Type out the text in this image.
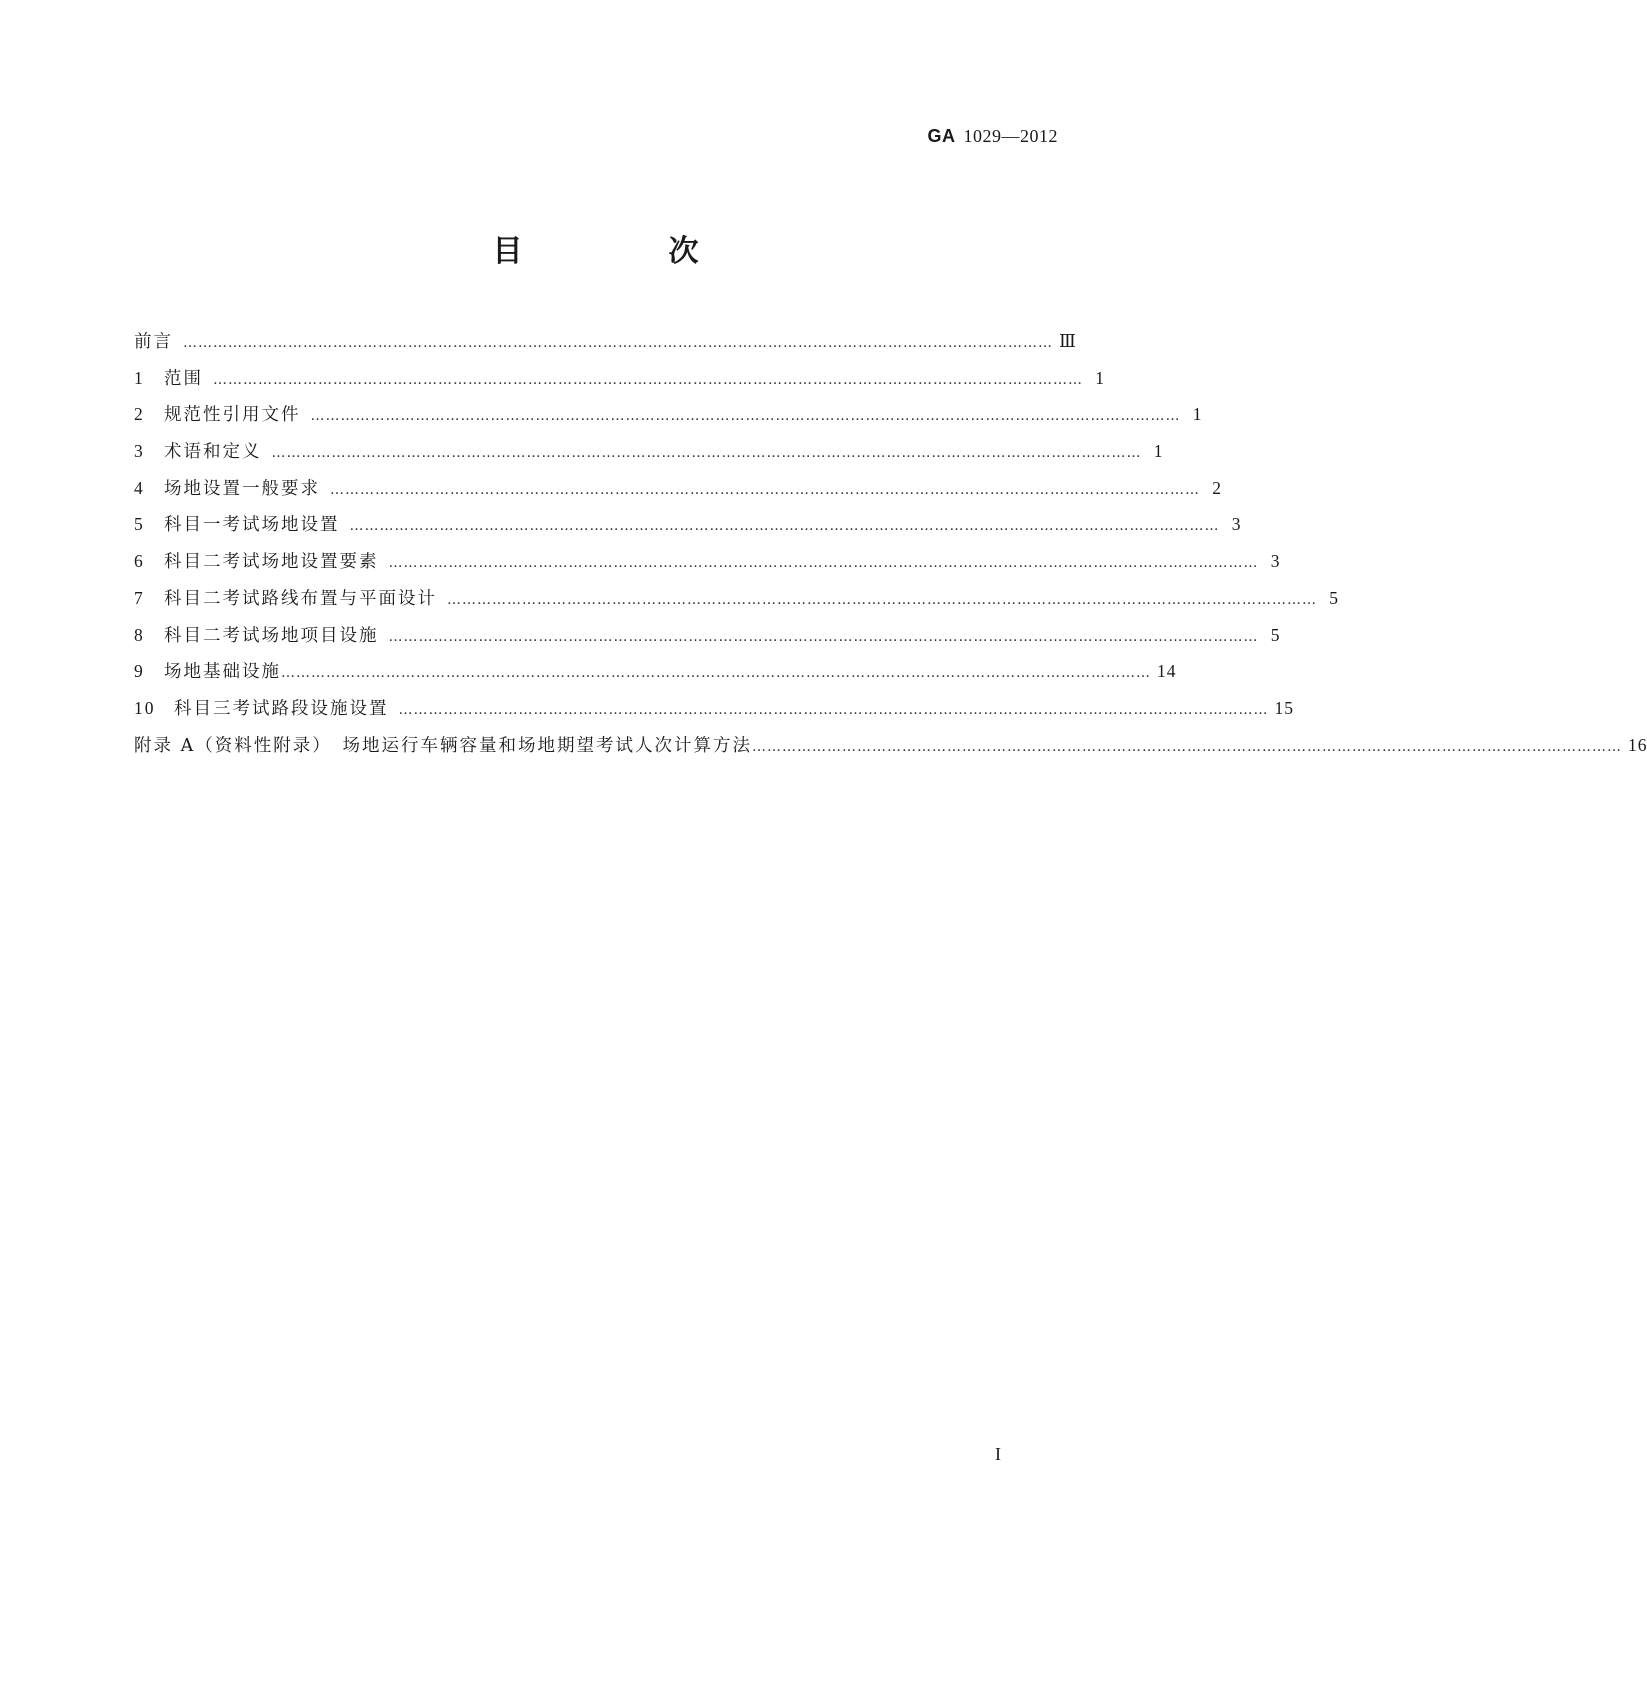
GA 1029—2012
目　次
前言 ………………………………………………………………………………………………………………………………………………………… Ⅲ
1	范围 ………………………………………………………………………………………………………………………………………………………… 1
2	规范性引用文件 ………………………………………………………………………………………………………………………………………………………… 1
3	术语和定义 ………………………………………………………………………………………………………………………………………………………… 1
4	场地设置一般要求 ………………………………………………………………………………………………………………………………………………………… 2
5	科目一考试场地设置 ………………………………………………………………………………………………………………………………………………………… 3
6	科目二考试场地设置要素 ………………………………………………………………………………………………………………………………………………………… 3
7	科目二考试路线布置与平面设计 ………………………………………………………………………………………………………………………………………………………… 5
8	科目二考试场地项目设施 ………………………………………………………………………………………………………………………………………………………… 5
9	场地基础设施 ………………………………………………………………………………………………………………………………………………………… 14
10	科目三考试路段设施设置 ………………………………………………………………………………………………………………………………………………………… 15
附录 A（资料性附录）　场地运行车辆容量和场地期望考试人次计算方法 ………………………………………………………………………………………………………………………………………………………… 16
I
